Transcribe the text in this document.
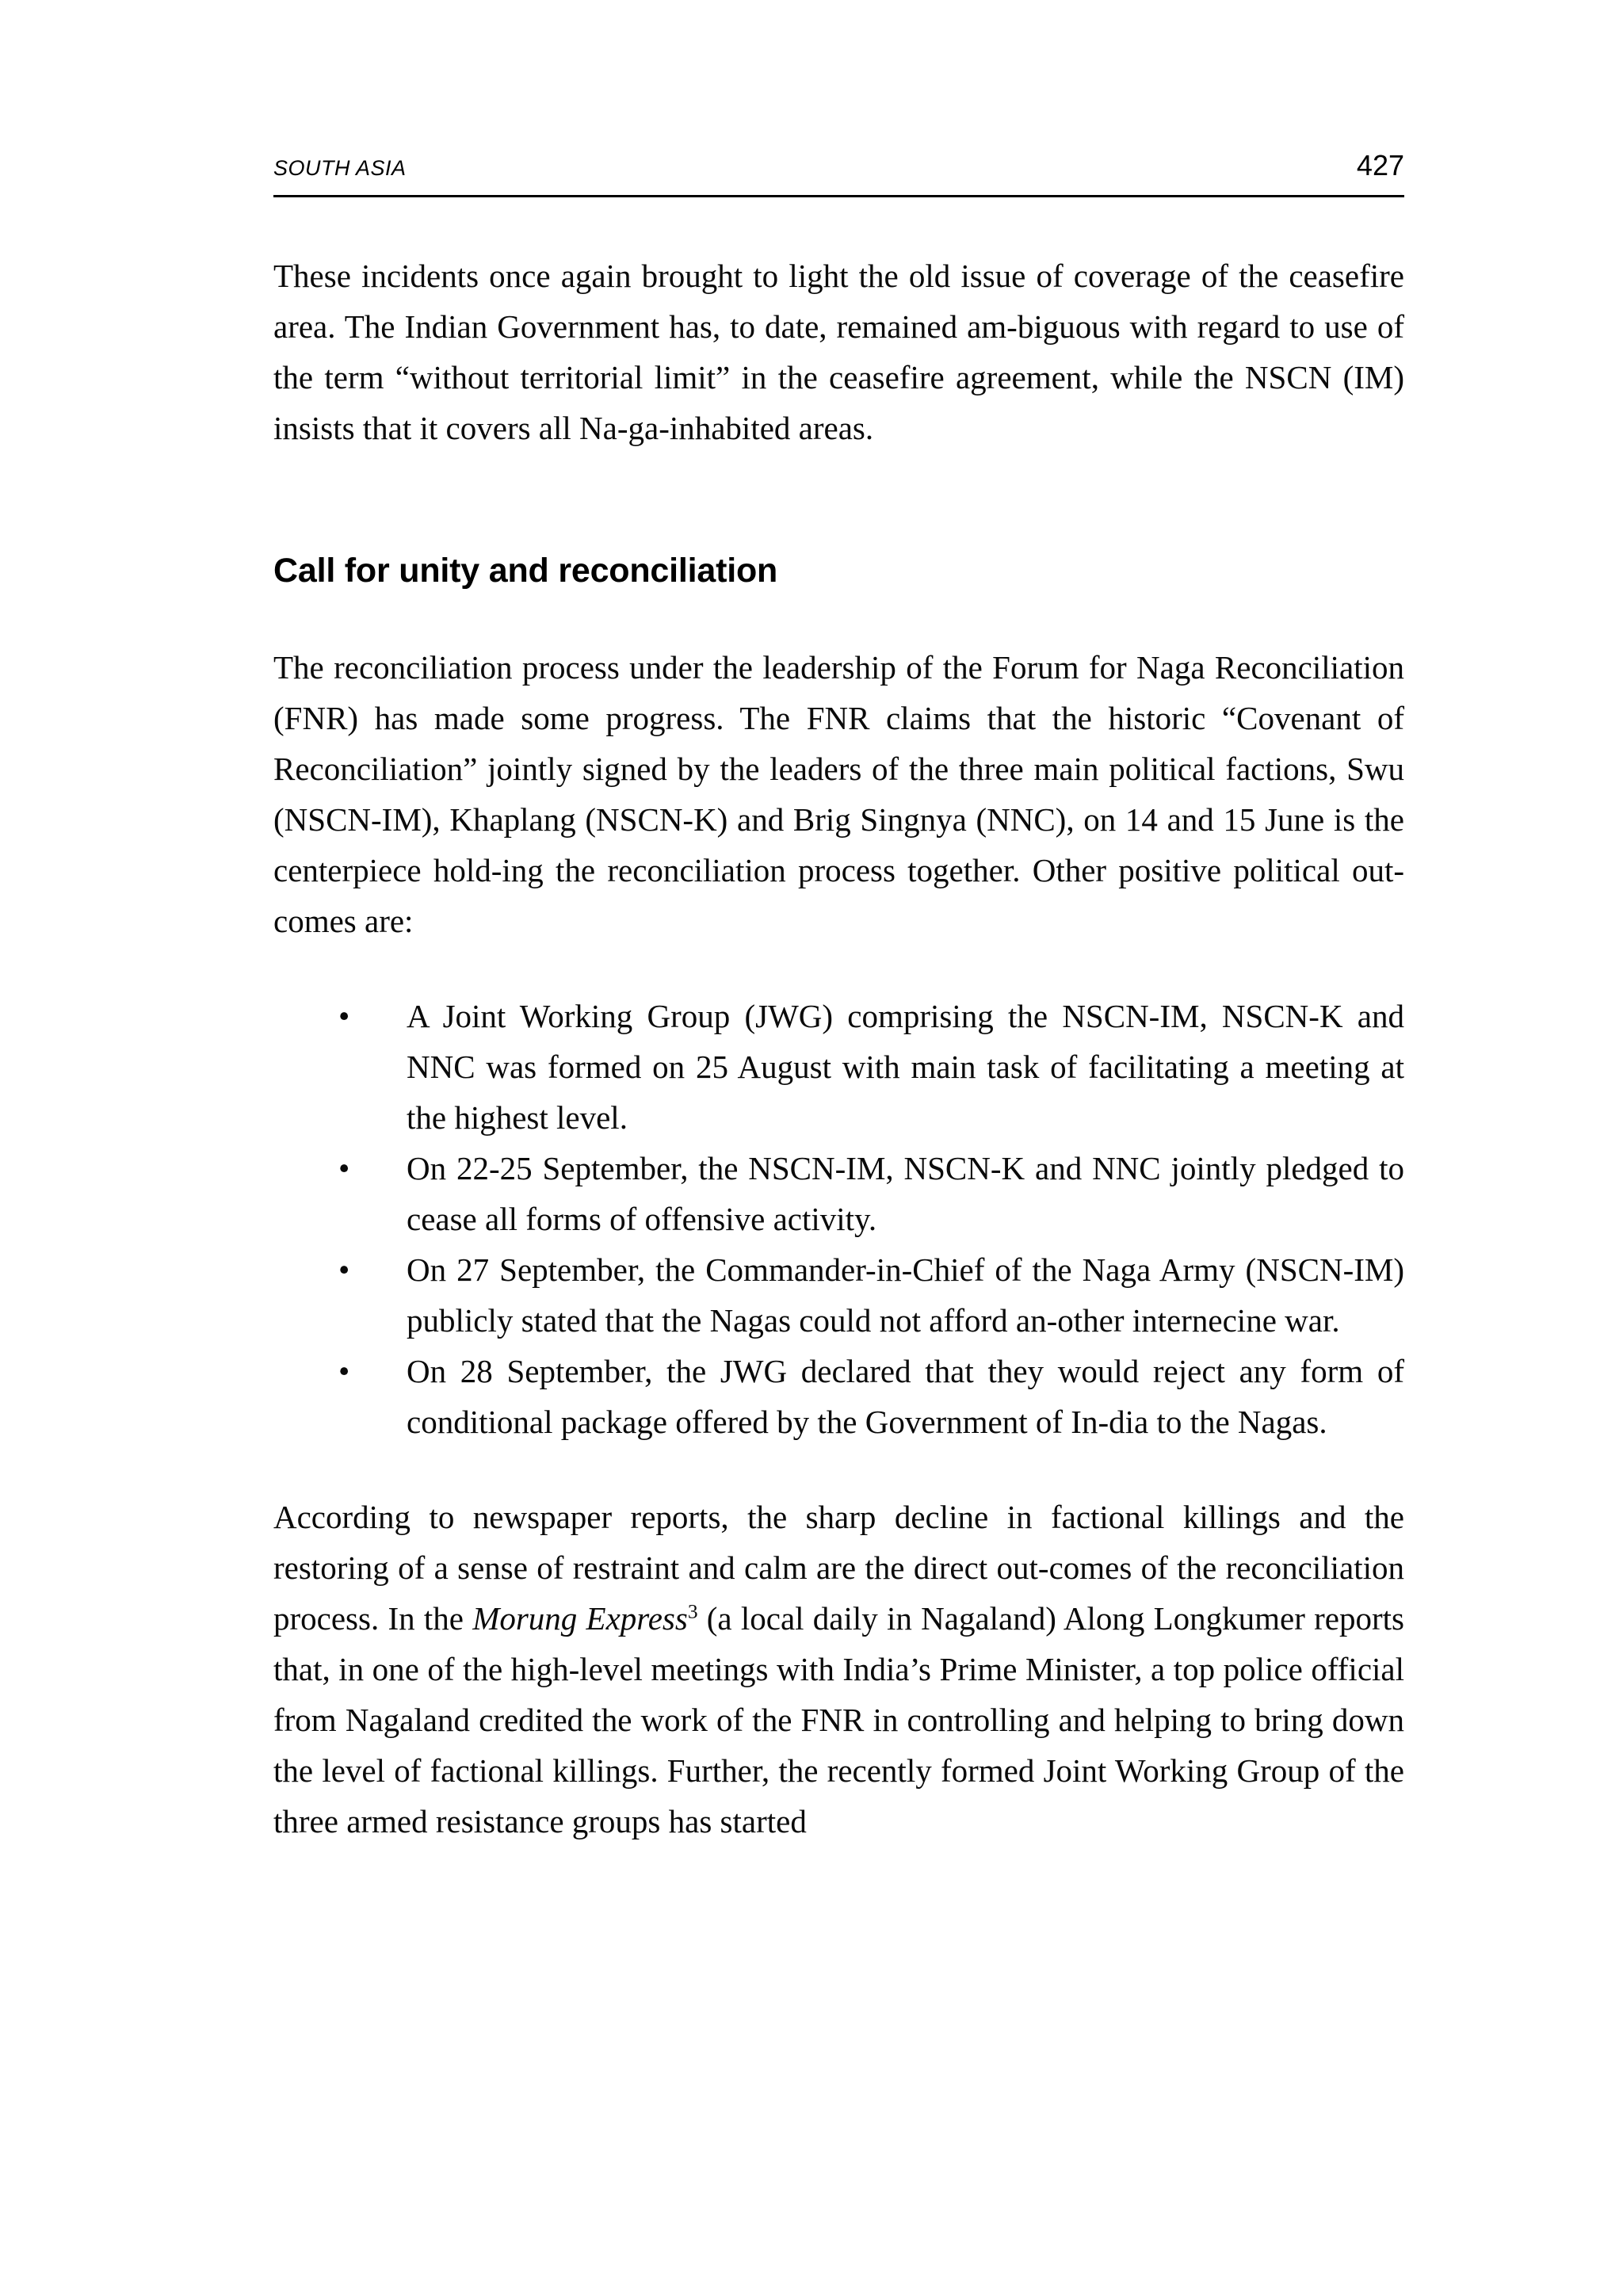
SOUTH ASIA	427

These incidents once again brought to light the old issue of coverage of the ceasefire area. The Indian Government has, to date, remained am-biguous with regard to use of the term “without territorial limit” in the ceasefire agreement, while the NSCN (IM) insists that it covers all Na-ga-inhabited areas.

Call for unity and reconciliation

The reconciliation process under the leadership of the Forum for Naga Reconciliation (FNR) has made some progress. The FNR claims that the historic “Covenant of Reconciliation” jointly signed by the leaders of the three main political factions, Swu (NSCN-IM), Khaplang (NSCN-K) and Brig Singnya (NNC), on 14 and 15 June is the centerpiece hold-ing the reconciliation process together. Other positive political out-comes are:

• A Joint Working Group (JWG) comprising the NSCN-IM, NSCN-K and NNC was formed on 25 August with main task of facilitating a meeting at the highest level.
• On 22-25 September, the NSCN-IM, NSCN-K and NNC jointly pledged to cease all forms of offensive activity.
• On 27 September, the Commander-in-Chief of the Naga Army (NSCN-IM) publicly stated that the Nagas could not afford an-other internecine war.
• On 28 September, the JWG declared that they would reject any form of conditional package offered by the Government of In-dia to the Nagas.

According to newspaper reports, the sharp decline in factional killings and the restoring of a sense of restraint and calm are the direct out-comes of the reconciliation process. In the Morung Express$^3$ (a local daily in Nagaland) Along Longkumer reports that, in one of the high-level meetings with India’s Prime Minister, a top police official from Nagaland credited the work of the FNR in controlling and helping to bring down the level of factional killings. Further, the recently formed Joint Working Group of the three armed resistance groups has started
